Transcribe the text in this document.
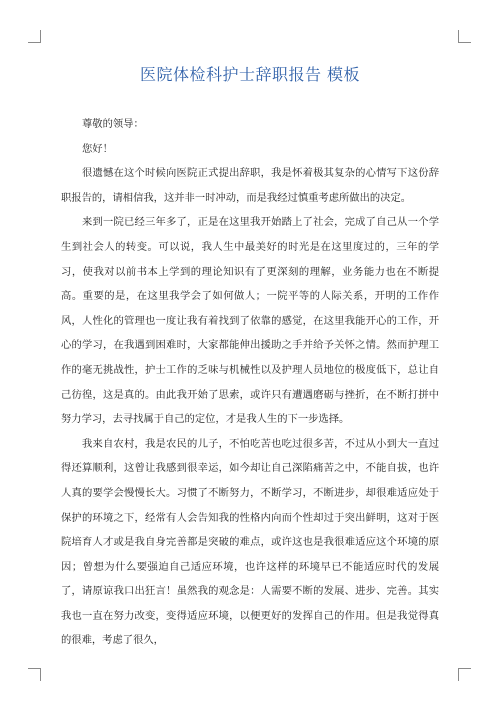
医院体检科护士辞职报告 模板

尊敬的领导：

您好！

很遗憾在这个时候向医院正式提出辞职，我是怀着极其复杂的心情写下这份辞职报告的，请相信我，这并非一时冲动，而是我经过慎重考虑所做出的决定。

来到一院已经三年多了，正是在这里我开始踏上了社会，完成了自己从一个学生到社会人的转变。可以说，我人生中最美好的时光是在这里度过的，三年的学习，使我对以前书本上学到的理论知识有了更深刻的理解，业务能力也在不断提高。重要的是，在这里我学会了如何做人；一院平等的人际关系，开明的工作作风，人性化的管理也一度让我有着找到了依靠的感觉，在这里我能开心的工作，开心的学习，在我遇到困难时，大家都能伸出援助之手并给予关怀之情。然而护理工作的毫无挑战性，护士工作的乏味与机械性以及护理人员地位的极度低下，总让自己彷徨，这是真的。由此我开始了思索，或许只有遭遇磨砺与挫折，在不断打拼中努力学习，去寻找属于自己的定位，才是我人生的下一步选择。

我来自农村，我是农民的儿子，不怕吃苦也吃过很多苦，不过从小到大一直过得还算顺利，这曾让我感到很幸运，如今却让自己深陷痛苦之中，不能自拔，也许人真的要学会慢慢长大。习惯了不断努力，不断学习，不断进步，却很难适应处于保护的环境之下，经常有人会告知我的性格内向而个性却过于突出鲜明，这对于医院培育人才或是我自身完善都是突破的难点，或许这也是我很难适应这个环境的原因；曾想为什么要强迫自己适应环境，也许这样的环境早已不能适应时代的发展了，请原谅我口出狂言！虽然我的观念是：人需要不断的发展、进步、完善。其实我也一直在努力改变，变得适应环境，以便更好的发挥自己的作用。但是我觉得真的很难，考虑了很久，
